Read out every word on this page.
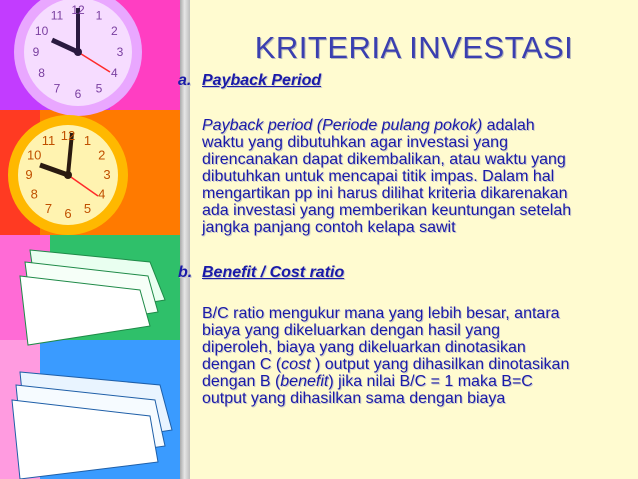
12 1
2
3
4
5
6
7
8
9
10
11
12 1
2
3
4
5
6
7
8
9
10
11
KRITERIA INVESTASI
a. Payback Period

Payback period (Periode pulang pokok) adalah
waktu yang dibutuhkan agar investasi yang
direncanakan dapat dikembalikan, atau waktu yang
dibutuhkan untuk mencapai titik impas. Dalam hal
mengartikan pp ini harus dilihat kriteria dikarenakan
ada investasi yang memberikan keuntungan setelah
jangka panjang contoh kelapa sawit

b. Benefit / Cost ratio

B/C ratio mengukur mana yang lebih besar, antara
biaya yang dikeluarkan dengan hasil yang
diperoleh, biaya yang dikeluarkan dinotasikan
dengan C (cost ) output yang dihasilkan dinotasikan
dengan B (benefit) jika nilai B/C = 1 maka B=C
output yang dihasilkan sama dengan biaya
